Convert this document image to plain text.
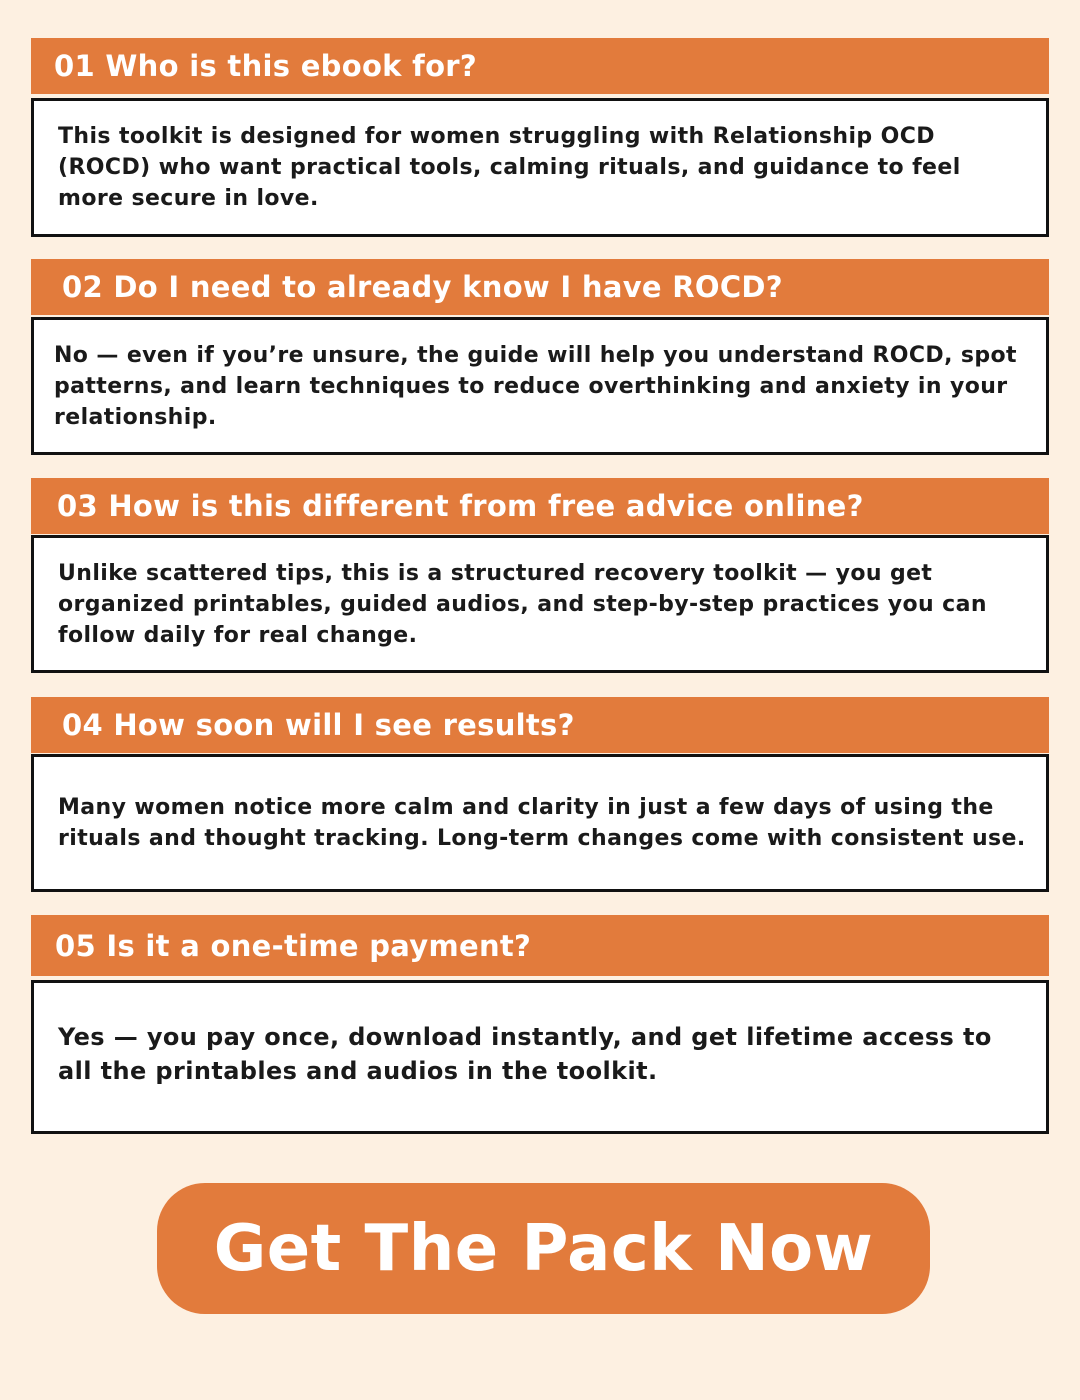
01 Who is this ebook for?

This toolkit is designed for women struggling with Relationship OCD (ROCD) who want practical tools, calming rituals, and guidance to feel more secure in love.

02 Do I need to already know I have ROCD?

No — even if you’re unsure, the guide will help you understand ROCD, spot patterns, and learn techniques to reduce overthinking and anxiety in your relationship.

03 How is this different from free advice online?

Unlike scattered tips, this is a structured recovery toolkit — you get organized printables, guided audios, and step-by-step practices you can follow daily for real change.

04 How soon will I see results?

Many women notice more calm and clarity in just a few days of using the rituals and thought tracking. Long-term changes come with consistent use.

05 Is it a one-time payment?

Yes — you pay once, download instantly, and get lifetime access to all the printables and audios in the toolkit.

Get The Pack Now
